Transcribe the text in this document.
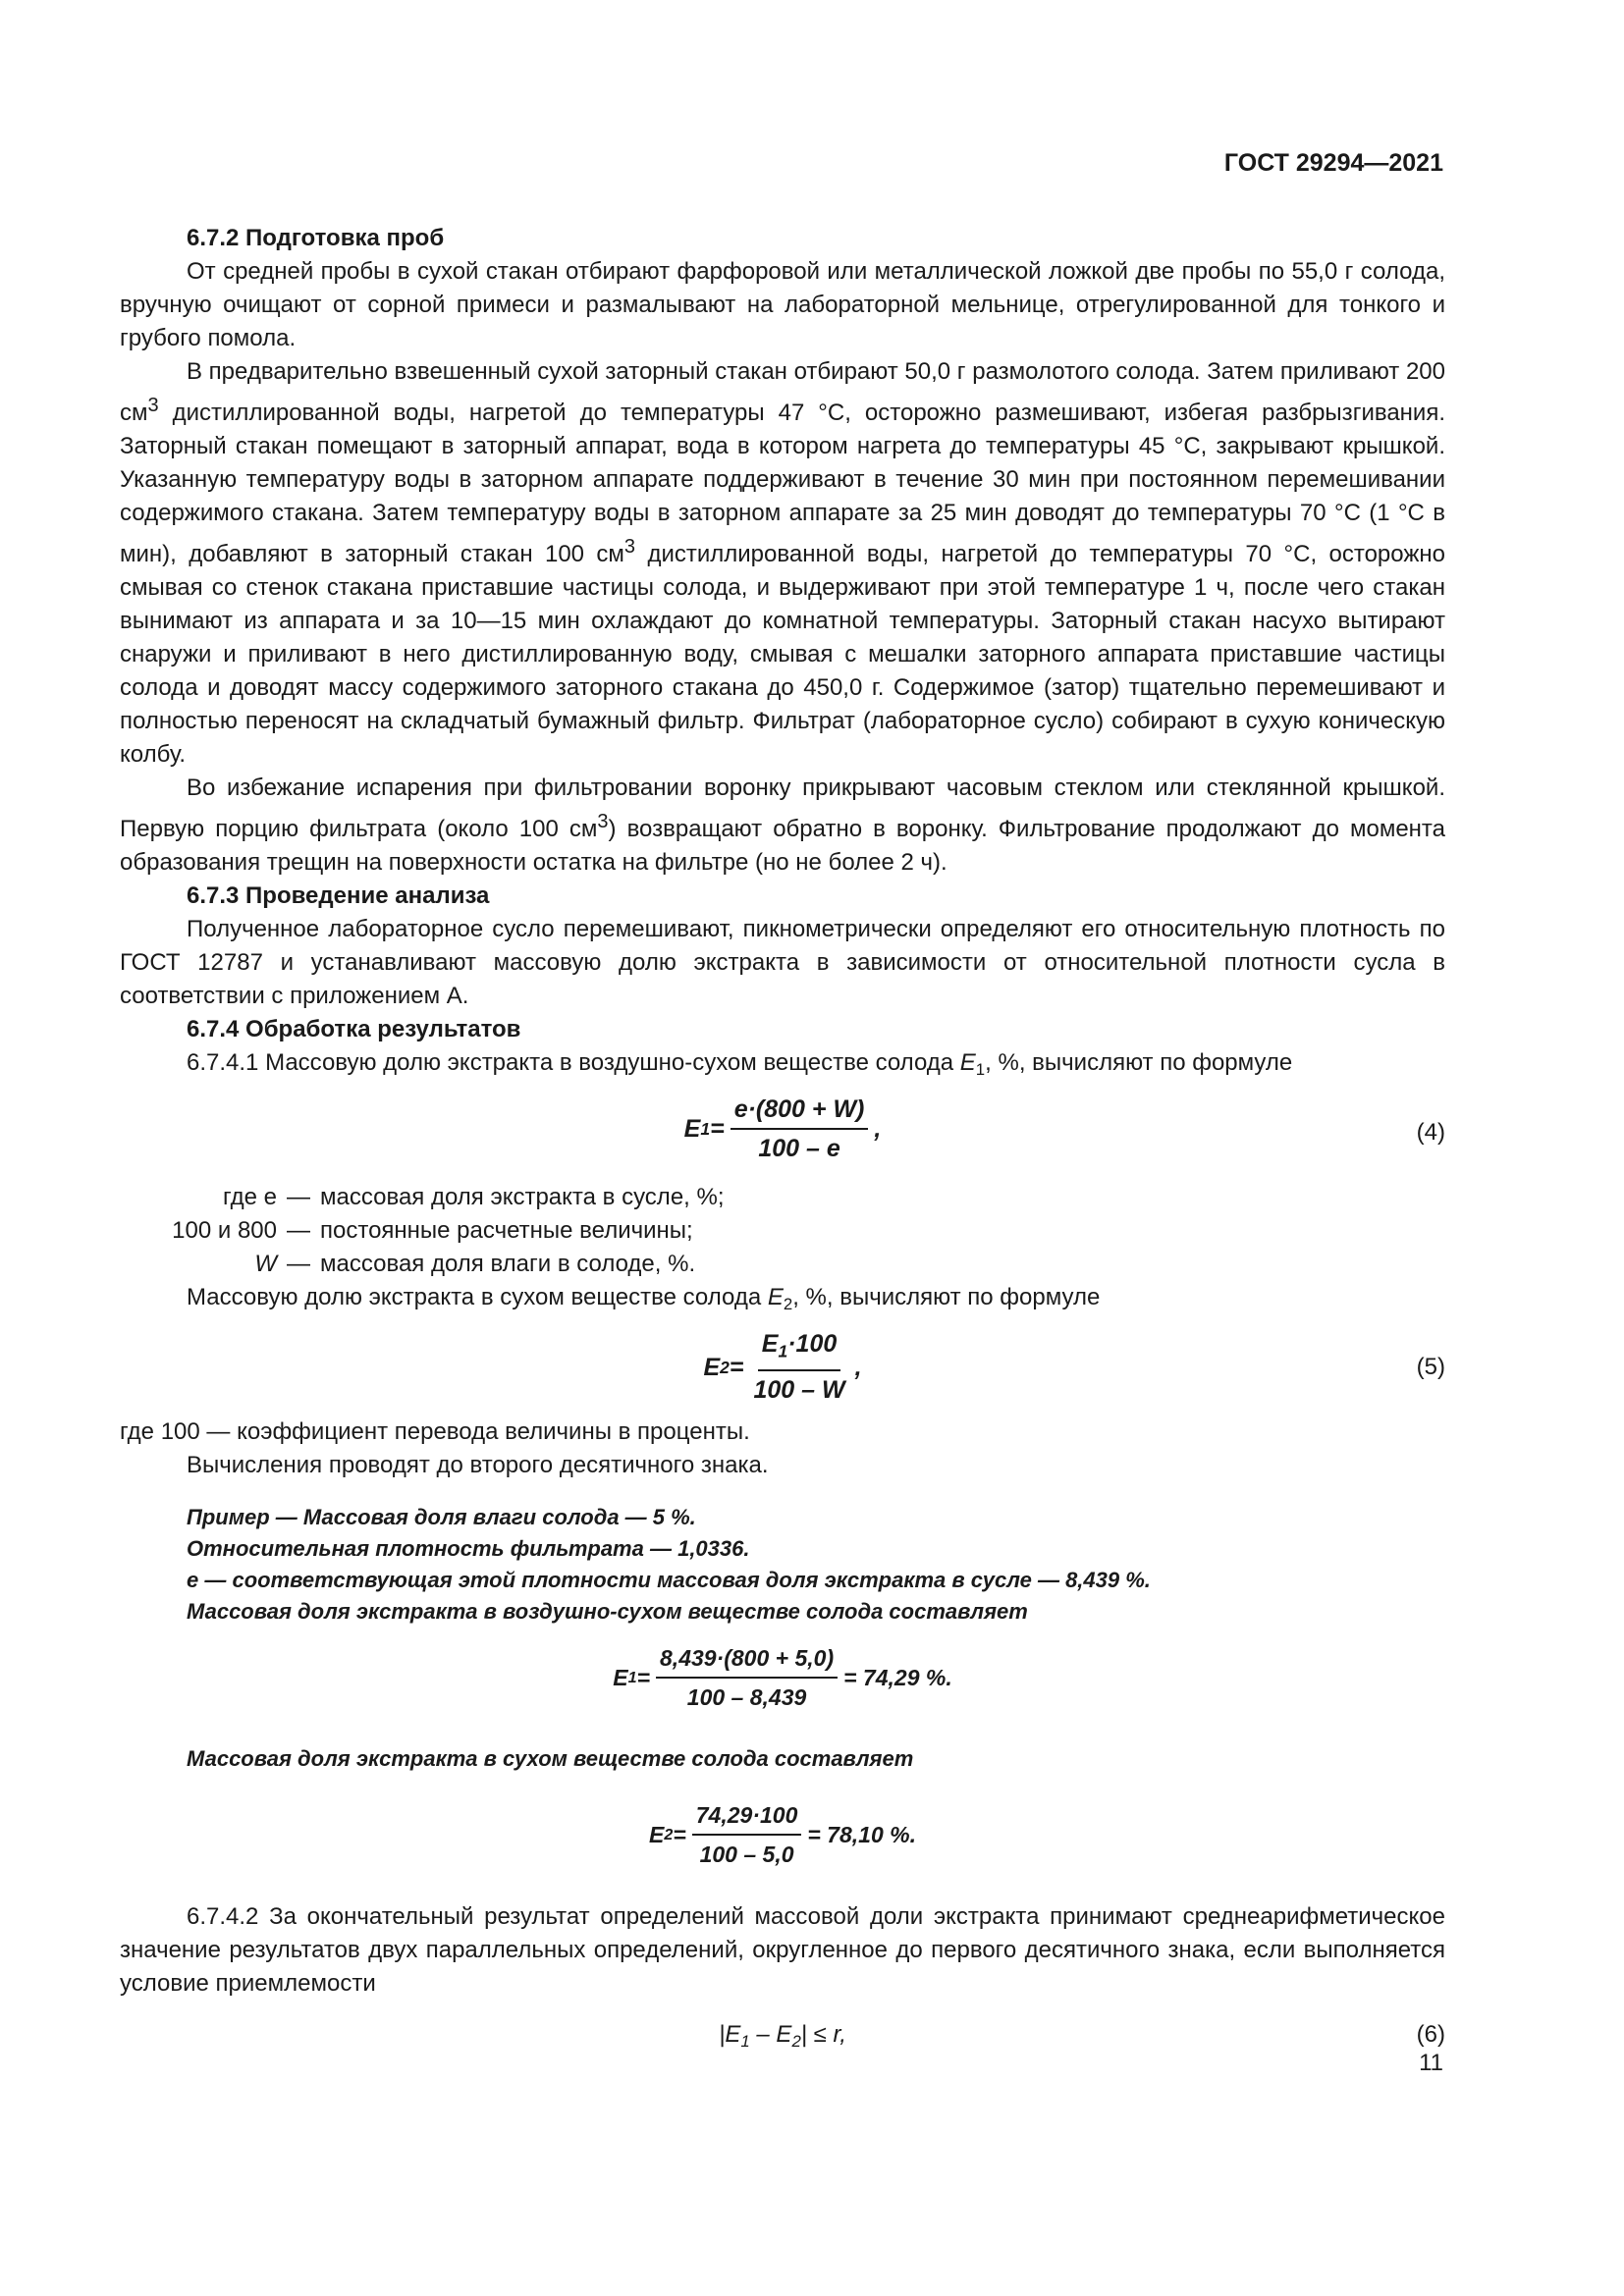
ГОСТ 29294—2021

6.7.2 Подготовка проб

От средней пробы в сухой стакан отбирают фарфоровой или металлической ложкой две пробы по 55,0 г солода, вручную очищают от сорной примеси и размалывают на лабораторной мельнице, отрегулированной для тонкого и грубого помола.

В предварительно взвешенный сухой заторный стакан отбирают 50,0 г размолотого солода. Затем приливают 200 $см^3$ дистиллированной воды, нагретой до температуры 47 °С, осторожно размешивают, избегая разбрызгивания. Заторный стакан помещают в заторный аппарат, вода в котором нагрета до температуры 45 °С, закрывают крышкой. Указанную температуру воды в заторном аппарате поддерживают в течение 30 мин при постоянном перемешивании содержимого стакана. Затем температуру воды в заторном аппарате за 25 мин доводят до температуры 70 °С (1 °С в мин), добавляют в заторный стакан 100 $см^3$ дистиллированной воды, нагретой до температуры 70 °С, осторожно смывая со стенок стакана приставшие частицы солода, и выдерживают при этой температуре 1 ч, после чего стакан вынимают из аппарата и за 10—15 мин охлаждают до комнатной температуры. Заторный стакан насухо вытирают снаружи и приливают в него дистиллированную воду, смывая с мешалки заторного аппарата приставшие частицы солода и доводят массу содержимого заторного стакана до 450,0 г. Содержимое (затор) тщательно перемешивают и полностью переносят на складчатый бумажный фильтр. Фильтрат (лабораторное сусло) собирают в сухую коническую колбу.

Во избежание испарения при фильтровании воронку прикрывают часовым стеклом или стеклянной крышкой. Первую порцию фильтрата (около 100 $см^3$) возвращают обратно в воронку. Фильтрование продолжают до момента образования трещин на поверхности остатка на фильтре (но не более 2 ч).

6.7.3 Проведение анализа

Полученное лабораторное сусло перемешивают, пикнометрически определяют его относительную плотность по ГОСТ 12787 и устанавливают массовую долю экстракта в зависимости от относительной плотности сусла в соответствии с приложением А.

6.7.4 Обработка результатов

6.7.4.1 Массовую долю экстракта в воздушно-сухом веществе солода $E_1$, %, вычисляют по формуле

E $1 = \frac{e\cdot(800 + W)}{100 - e}$ ,	(4)
где e — массовая доля экстракта в сусле, %;
100 и 800 — постоянные расчетные величины;
W — массовая доля влаги в солоде, %.

Массовую долю экстракта в сухом веществе солода $E_2$, %, вычисляют по формуле

E $2 = \frac{E_1\cdot 100}{100 - W}$ ,	(5)

где 100 — коэффициент перевода величины в проценты.

Вычисления проводят до второго десятичного знака.

Пример — Массовая доля влаги солода — 5 %.
Относительная плотность фильтрата — 1,0336.
е — соответствующая этой плотности массовая доля экстракта в сусле — 8,439 %.
Массовая доля экстракта в воздушно-сухом веществе солода составляет
E $1 = \frac{8,439\cdot(800 + 5,0)}{100 - 8,439} = 74,29$ %.
Массовая доля экстракта в сухом веществе солода составляет
E $2 = \frac{74,29\cdot 100}{100 - 5,0} = 78,10$ %.

6.7.4.2 За окончательный результат определений массовой доли экстракта принимают среднеарифметическое значение результатов двух параллельных определений, округленное до первого десятичного знака, если выполняется условие приемлемости

$|E_1 - E_2| \le r$,	(6)
11
